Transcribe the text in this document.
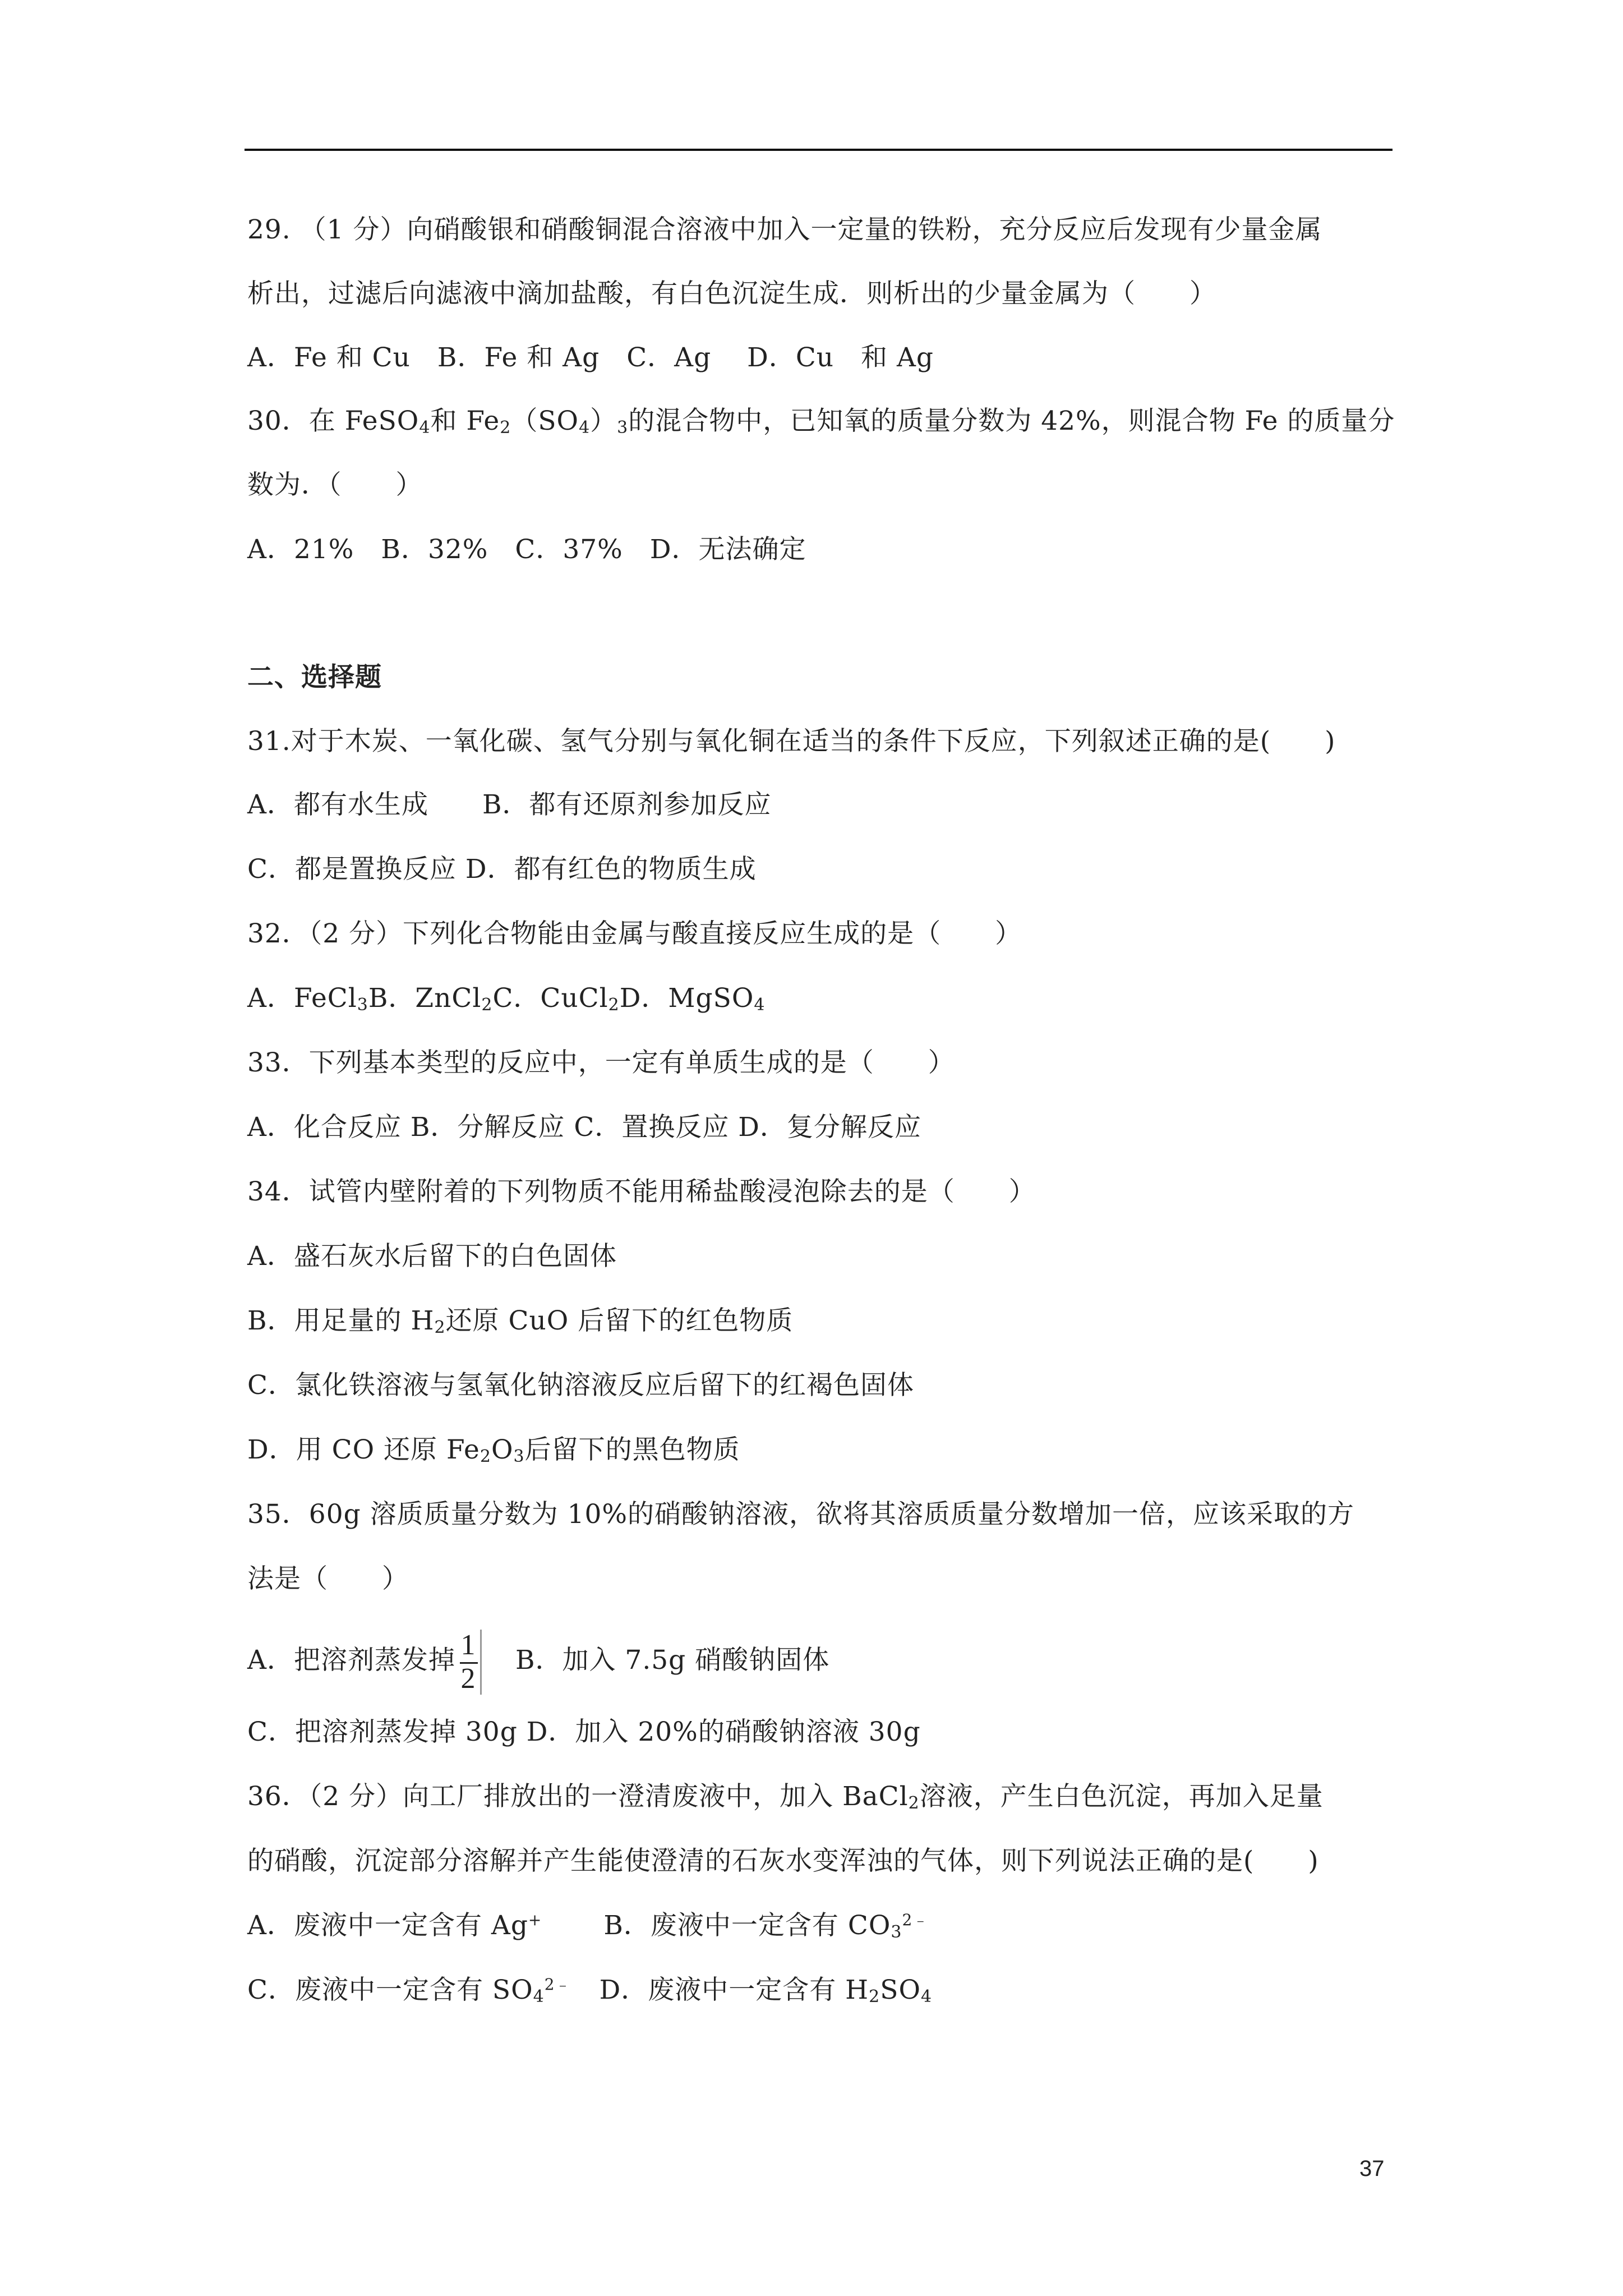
29. （1 分）向硝酸银和硝酸铜混合溶液中加入一定量的铁粉，充分反应后发现有少量金属
析出，过滤后向滤液中滴加盐酸，有白色沉淀生成．则析出的少量金属为（　　）
A．Fe 和 Cu　B．Fe 和 Ag　C．Ag　 D．Cu　和 Ag
30．在 FeSO$_4$和 $Fe_2(SO_4)_3$的混合物中，已知氧的质量分数为 42%，则混合物 Fe 的质量分
数为．（　　）
A．21%　B．32%　C．37%　D．无法确定
二、选择题
31.对于木炭、一氧化碳、氢气分别与氧化铜在适当的条件下反应，下列叙述正确的是(　　)
A．都有水生成　　B．都有还原剂参加反应
C．都是置换反应 D．都有红色的物质生成
32．（2 分）下列化合物能由金属与酸直接反应生成的是（　　）
A．FeCl$_3$B．ZnCl$_2$C．CuCl$_2$D．MgSO$_4$
33．下列基本类型的反应中，一定有单质生成的是（　　）
A．化合反应 B．分解反应 C．置换反应 D．复分解反应
34．试管内壁附着的下列物质不能用稀盐酸浸泡除去的是（　　）
A．盛石灰水后留下的白色固体
B．用足量的 $H_2$还原 CuO 后留下的红色物质
C．氯化铁溶液与氢氧化钠溶液反应后留下的红褐色固体
D．用 CO 还原 $Fe_2O_3$后留下的黑色物质
35．60g 溶质质量分数为 10%的硝酸钠溶液，欲将其溶质质量分数增加一倍，应该采取的方
法是（　　）
A．把溶剂蒸发掉 $\frac{1}{2}$ B．加入 7.5g 硝酸钠固体
C．把溶剂蒸发掉 30g D．加入 20%的硝酸钠溶液 30g
36．（2 分）向工厂排放出的一澄清废液中，加入 BaCl$_2$溶液，产生白色沉淀，再加入足量
的硝酸，沉淀部分溶解并产生能使澄清的石灰水变浑浊的气体，则下列说法正确的是(　　)
A．废液中一定含有 Ag+ B．废液中一定含有 $CO_3^{2﹣}$
C．废液中一定含有 $SO_4^{2﹣}$ D．废液中一定含有 $H_2SO_4$
37
